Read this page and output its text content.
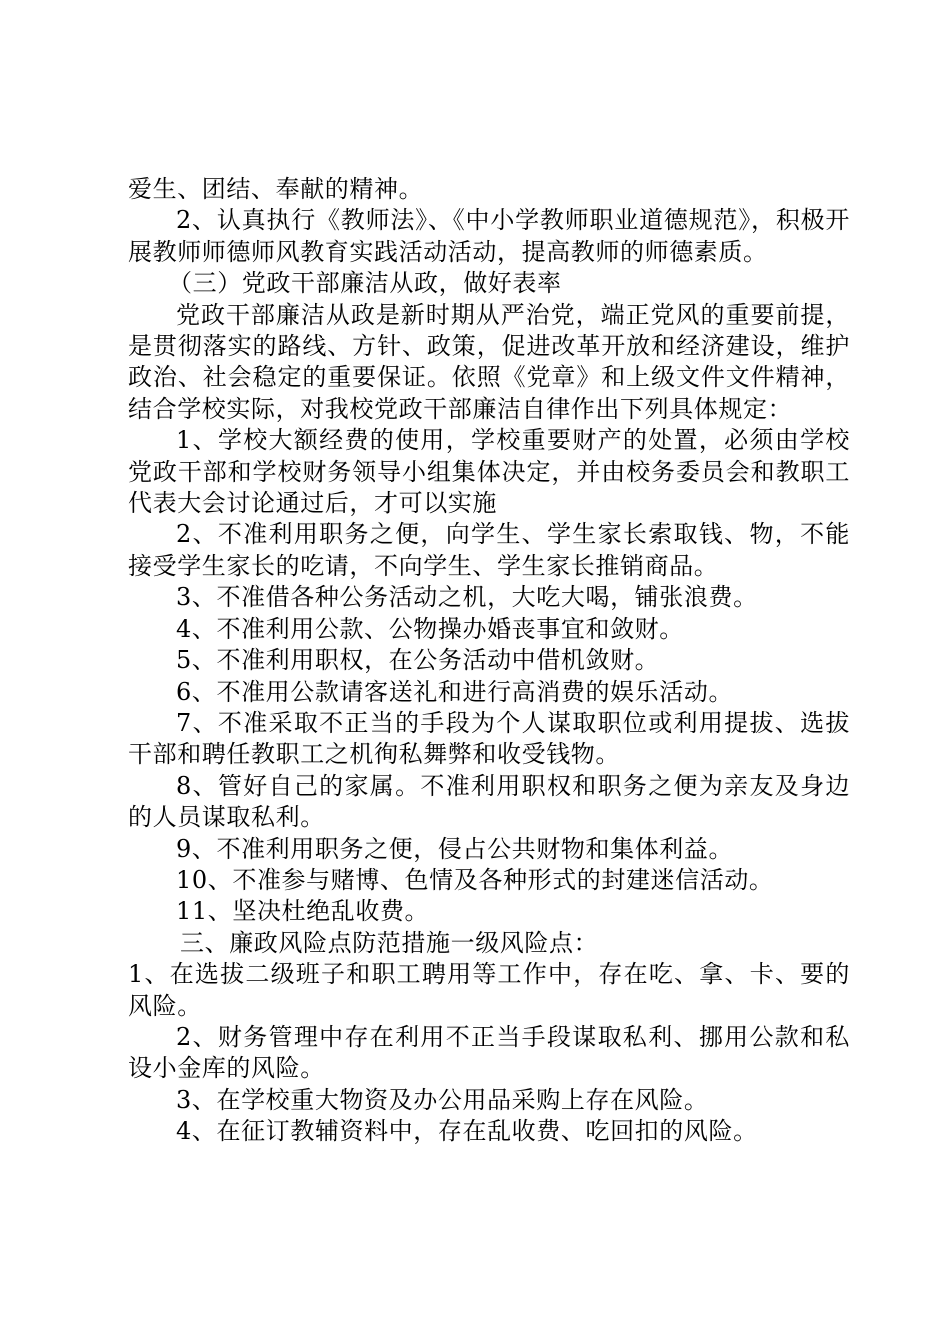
爱生、团结、奉献的精神。

2、认真执行《教师法》、《中小学教师职业道德规范》，积极开展教师师德师风教育实践活动活动，提高教师的师德素质。

（三）党政干部廉洁从政，做好表率

党政干部廉洁从政是新时期从严治党，端正党风的重要前提，是贯彻落实的路线、方针、政策，促进改革开放和经济建设，维护政治、社会稳定的重要保证。依照《党章》和上级文件文件精神，结合学校实际，对我校党政干部廉洁自律作出下列具体规定：

1、学校大额经费的使用，学校重要财产的处置，必须由学校党政干部和学校财务领导小组集体决定，并由校务委员会和教职工代表大会讨论通过后，才可以实施

2、不准利用职务之便，向学生、学生家长索取钱、物，不能接受学生家长的吃请，不向学生、学生家长推销商品。

3、不准借各种公务活动之机，大吃大喝，铺张浪费。

4、不准利用公款、公物操办婚丧事宜和敛财。

5、不准利用职权，在公务活动中借机敛财。

6、不准用公款请客送礼和进行高消费的娱乐活动。

7、不准采取不正当的手段为个人谋取职位或利用提拔、选拔干部和聘任教职工之机徇私舞弊和收受钱物。

8、管好自己的家属。不准利用职权和职务之便为亲友及身边的人员谋取私利。

9、不准利用职务之便，侵占公共财物和集体利益。

10、不准参与赌博、色情及各种形式的封建迷信活动。

11、坚决杜绝乱收费。

三、廉政风险点防范措施一级风险点：

1、在选拔二级班子和职工聘用等工作中，存在吃、拿、卡、要的风险。

2、财务管理中存在利用不正当手段谋取私利、挪用公款和私设小金库的风险。

3、在学校重大物资及办公用品采购上存在风险。

4、在征订教辅资料中，存在乱收费、吃回扣的风险。
